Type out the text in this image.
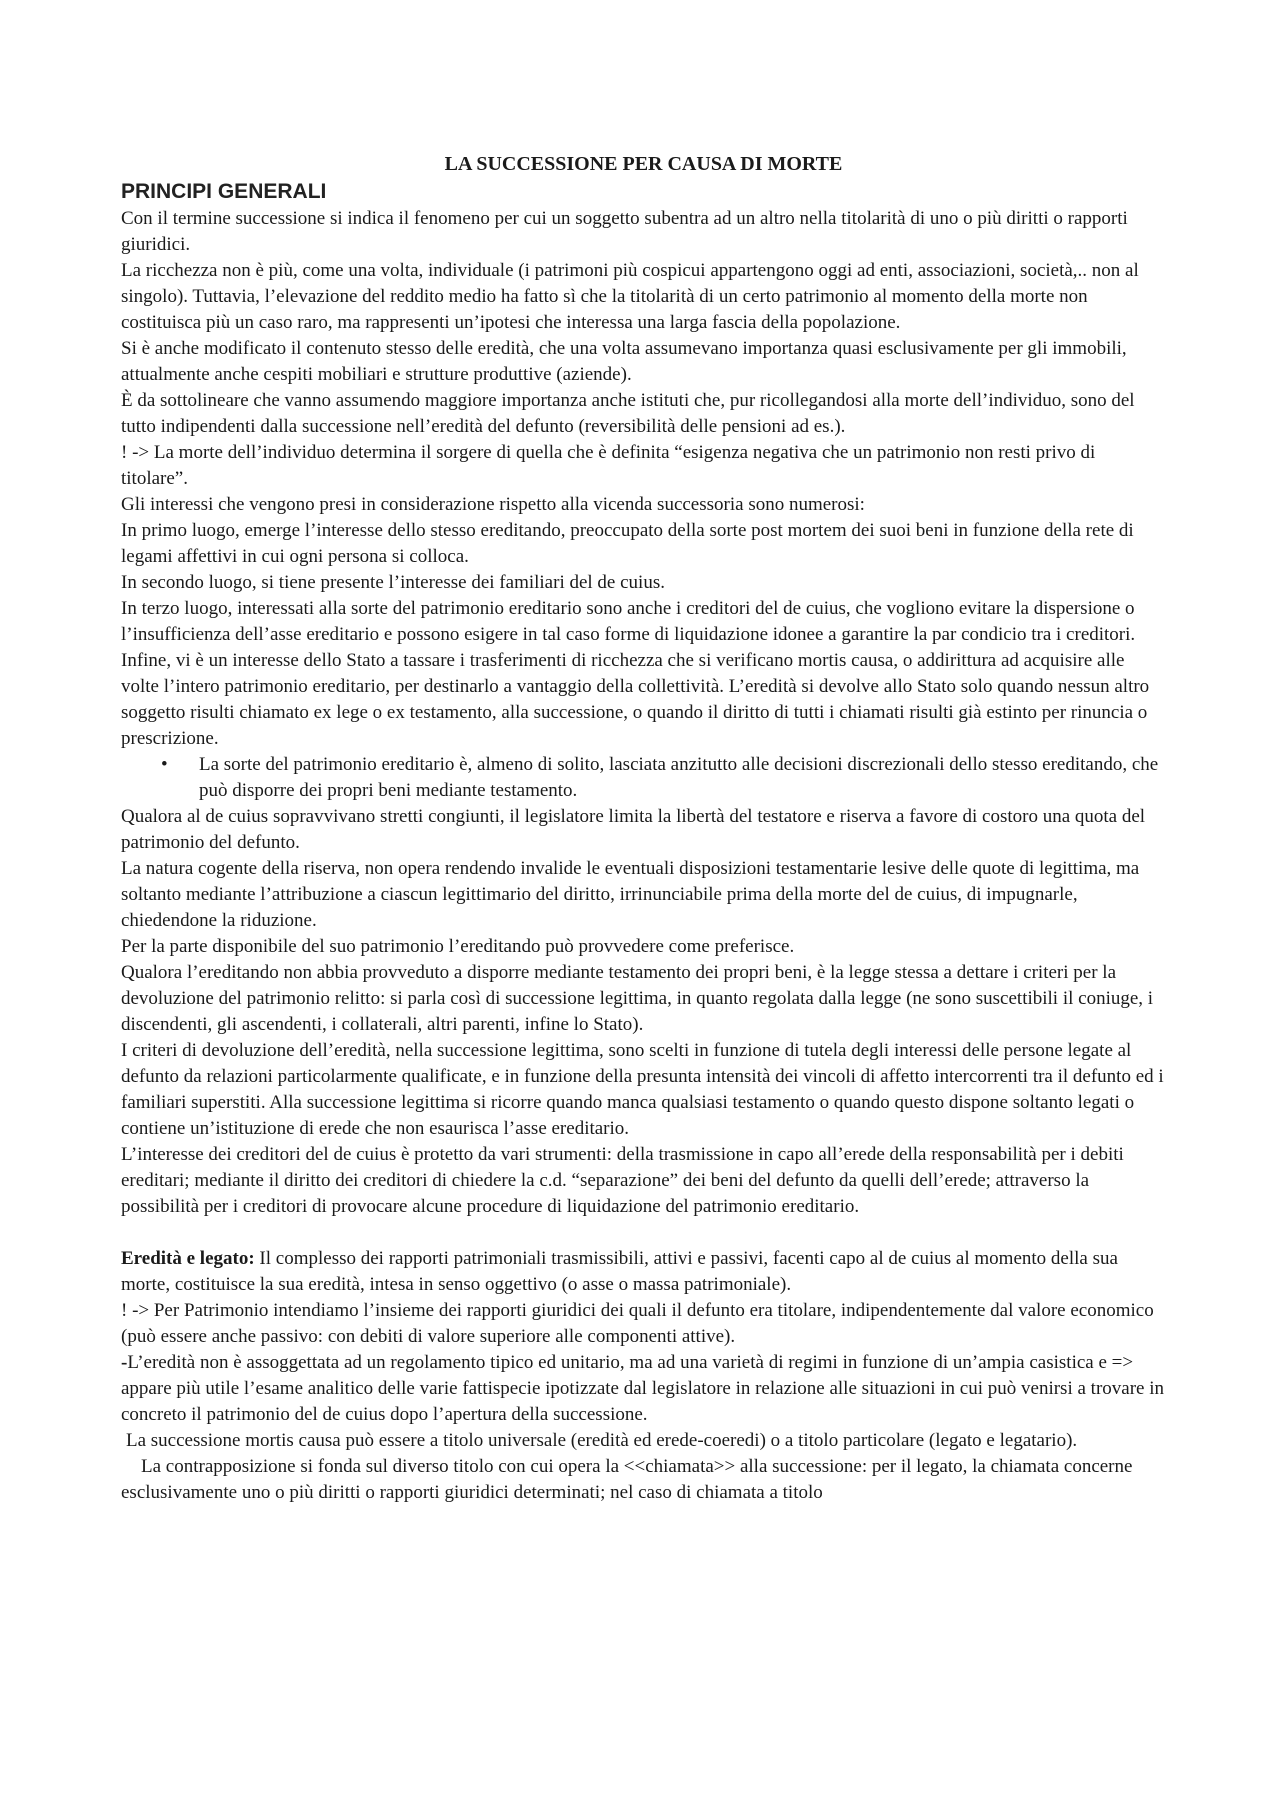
LA SUCCESSIONE PER CAUSA DI MORTE
PRINCIPI GENERALI

Con il termine successione si indica il fenomeno per cui un soggetto subentra ad un altro nella titolarità di uno o più diritti o rapporti giuridici.

La ricchezza non è più, come una volta, individuale (i patrimoni più cospicui appartengono oggi ad enti, associazioni, società,.. non al singolo). Tuttavia, l’elevazione del reddito medio ha fatto sì che la titolarità di un certo patrimonio al momento della morte non costituisca più un caso raro, ma rappresenti un’ipotesi che interessa una larga fascia della popolazione.

Si è anche modificato il contenuto stesso delle eredità, che una volta assumevano importanza quasi esclusivamente per gli immobili, attualmente anche cespiti mobiliari e strutture produttive (aziende).

È da sottolineare che vanno assumendo maggiore importanza anche istituti che, pur ricollegandosi alla morte dell’individuo, sono del tutto indipendenti dalla successione nell’eredità del defunto (reversibilità delle pensioni ad es.).

! -> La morte dell’individuo determina il sorgere di quella che è definita “esigenza negativa che un patrimonio non resti privo di titolare”.

Gli interessi che vengono presi in considerazione rispetto alla vicenda successoria sono numerosi:

In primo luogo, emerge l’interesse dello stesso ereditando, preoccupato della sorte post mortem dei suoi beni in funzione della rete di legami affettivi in cui ogni persona si colloca.

In secondo luogo, si tiene presente l’interesse dei familiari del de cuius.

In terzo luogo, interessati alla sorte del patrimonio ereditario sono anche i creditori del de cuius, che vogliono evitare la dispersione o l’insufficienza dell’asse ereditario e possono esigere in tal caso forme di liquidazione idonee a garantire la par condicio tra i creditori.

Infine, vi è un interesse dello Stato a tassare i trasferimenti di ricchezza che si verificano mortis causa, o addirittura ad acquisire alle volte l’intero patrimonio ereditario, per destinarlo a vantaggio della collettività. L’eredità si devolve allo Stato solo quando nessun altro soggetto risulti chiamato ex lege o ex testamento, alla successione, o quando il diritto di tutti i chiamati risulti già estinto per rinuncia o prescrizione.

• La sorte del patrimonio ereditario è, almeno di solito, lasciata anzitutto alle decisioni discrezionali dello stesso ereditando, che può disporre dei propri beni mediante testamento.

Qualora al de cuius sopravvivano stretti congiunti, il legislatore limita la libertà del testatore e riserva a favore di costoro una quota del patrimonio del defunto.

La natura cogente della riserva, non opera rendendo invalide le eventuali disposizioni testamentarie lesive delle quote di legittima, ma soltanto mediante l’attribuzione a ciascun legittimario del diritto, irrinunciabile prima della morte del de cuius, di impugnarle, chiedendone la riduzione.

Per la parte disponibile del suo patrimonio l’ereditando può provvedere come preferisce.

Qualora l’ereditando non abbia provveduto a disporre mediante testamento dei propri beni, è la legge stessa a dettare i criteri per la devoluzione del patrimonio relitto: si parla così di successione legittima, in quanto regolata dalla legge (ne sono suscettibili il coniuge, i discendenti, gli ascendenti, i collaterali, altri parenti, infine lo Stato).

I criteri di devoluzione dell’eredità, nella successione legittima, sono scelti in funzione di tutela degli interessi delle persone legate al defunto da relazioni particolarmente qualificate, e in funzione della presunta intensità dei vincoli di affetto intercorrenti tra il defunto ed i familiari superstiti. Alla successione legittima si ricorre quando manca qualsiasi testamento o quando questo dispone soltanto legati o contiene un’istituzione di erede che non esaurisca l’asse ereditario.

L’interesse dei creditori del de cuius è protetto da vari strumenti: della trasmissione in capo all’erede della responsabilità per i debiti ereditari; mediante il diritto dei creditori di chiedere la c.d. “separazione” dei beni del defunto da quelli dell’erede; attraverso la possibilità per i creditori di provocare alcune procedure di liquidazione del patrimonio ereditario.

Eredità e legato: Il complesso dei rapporti patrimoniali trasmissibili, attivi e passivi, facenti capo al de cuius al momento della sua morte, costituisce la sua eredità, intesa in senso oggettivo (o asse o massa patrimoniale).

! -> Per Patrimonio intendiamo l’insieme dei rapporti giuridici dei quali il defunto era titolare, indipendentemente dal valore economico (può essere anche passivo: con debiti di valore superiore alle componenti attive).

-L’eredità non è assoggettata ad un regolamento tipico ed unitario, ma ad una varietà di regimi in funzione di un’ampia casistica e => appare più utile l’esame analitico delle varie fattispecie ipotizzate dal legislatore in relazione alle situazioni in cui può venirsi a trovare in concreto il patrimonio del de cuius dopo l’apertura della successione.

La successione mortis causa può essere a titolo universale (eredità ed erede-coeredi) o a titolo particolare (legato e legatario).

La contrapposizione si fonda sul diverso titolo con cui opera la <<chiamata>> alla successione: per il legato, la chiamata concerne esclusivamente uno o più diritti o rapporti giuridici determinati; nel caso di chiamata a titolo
